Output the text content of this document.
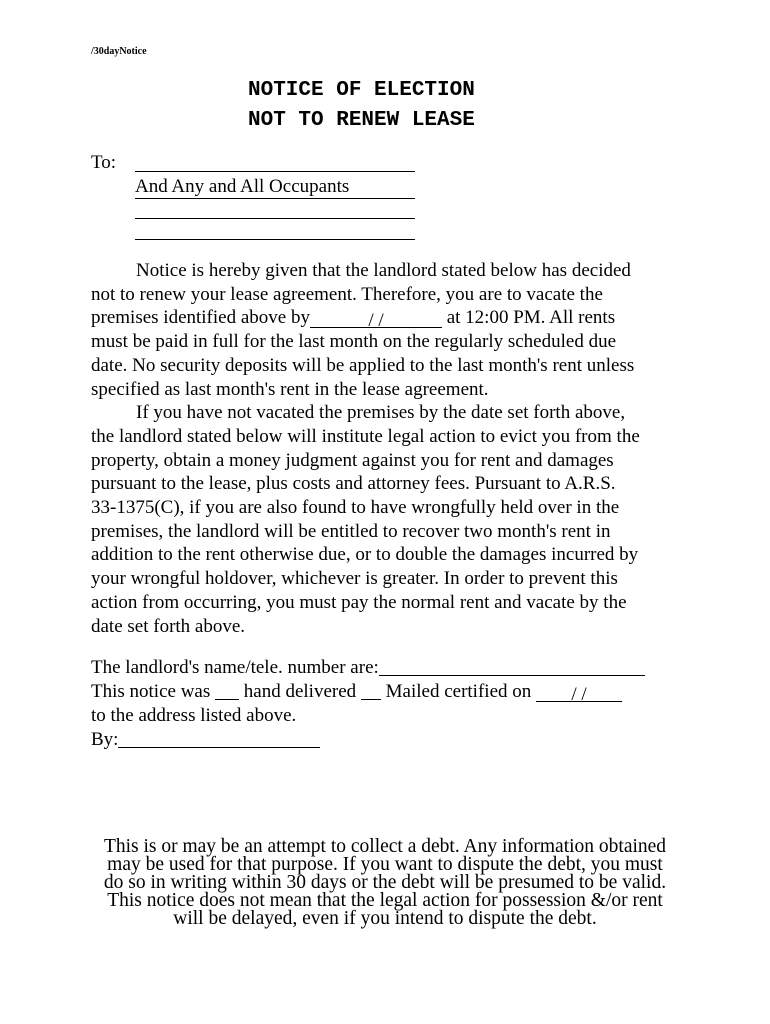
/30dayNotice
NOTICE OF ELECTION
NOT TO RENEW LEASE
To:
And Any and All Occupants
Notice is hereby given that the landlord stated below has decided
not to renew your lease agreement. Therefore, you are to vacate the
premises identified above by	/ /	at 12:00 PM. All rents
must be paid in full for the last month on the regularly scheduled due
date. No security deposits will be applied to the last month's rent unless
specified as last month's rent in the lease agreement.
If you have not vacated the premises by the date set forth above,
the landlord stated below will institute legal action to evict you from the
property, obtain a money judgment against you for rent and damages
pursuant to the lease, plus costs and attorney fees. Pursuant to A.R.S.
33-1375(C), if you are also found to have wrongfully held over in the
premises, the landlord will be entitled to recover two month's rent in
addition to the rent otherwise due, or to double the damages incurred by
your wrongful holdover, whichever is greater. In order to prevent this
action from occurring, you must pay the normal rent and vacate by the
date set forth above.
The landlord's name/tele. number are:
This notice was  hand delivered  Mailed certified on / /
to the address listed above.
By:
This is or may be an attempt to collect a debt. Any information obtained
may be used for that purpose. If you want to dispute the debt, you must
do so in writing within 30 days or the debt will be presumed to be valid.
This notice does not mean that the legal action for possession &/or rent
will be delayed, even if you intend to dispute the debt.
